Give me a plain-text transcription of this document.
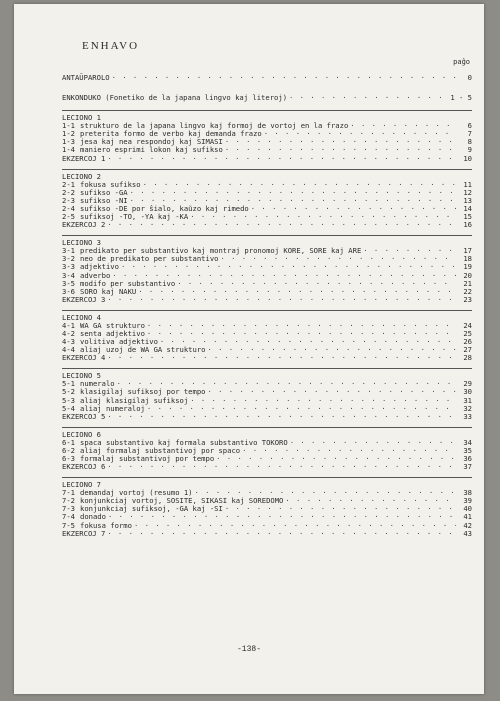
ENHAVO
paĝo
ANTAŬPAROLO · · ·	0
ENKONDUKO (Fonetiko de la japana lingvo kaj literoj) · · ·	1 - 5
LECIONO 1
1-1 strukturo de la japana lingvo kaj formoj de vortoj en la frazo · · ·	6
1-2 preterita formo de verbo kaj demanda frazo · · ·	7
1-3 jesa kaj nea respondoj kaj SIMASI · · ·	8
1-4 maniero esprimi lokon kaj sufikso · · ·	9
EKZERCOJ 1 · · ·	10
LECIONO 2
2-1 fokusa sufikso · · ·	11
2-2 sufikso -GA · · ·	12
2-3 sufikso -NI · · ·	13
2-4 sufikso -DE por ŝialo, kaŭzo kaj rimedo · · ·	14
2-5 sufiksoj -TO, -YA kaj -KA · · ·	15
EKZERCOJ 2 · · ·	16
LECIONO 3
3-1 predikato per substantivo kaj montraj pronomoj KORE, SORE kaj ARE · · ·	17
3-2 neo de predikato per substantivo · · ·	18
3-3 adjektivo · · ·	19
3-4 adverbo · · ·	20
3-5 modifo per substantivo · · ·	21
3-6 SORO kaj NAKU · · ·	22
EKZERCOJ 3 · · ·	23
LECIONO 4
4-1 WA GA strukturo · · ·	24
4-2 senta adjektivo · · ·	25
4-3 volitiva adjektivo · · ·	26
4-4 aliaj uzoj de WA GA strukturo · · ·	27
EKZERCOJ 4 · · ·	28
LECIONO 5
5-1 numeralo · · ·	29
5-2 klasigilaj sufiksoj por tempo · · ·	30
5-3 aliaj klasigilaj sufiksoj · · ·	31
5-4 aliaj numeraloj · · ·	32
EKZERCOJ 5 · · ·	33
LECIONO 6
6-1 spaca substantivo kaj formala substantivo TOKORO · · ·	34
6-2 aliaj formalaj substantivoj por spaco · · ·	35
6-3 formalaj substantivoj por tempo · · ·	36
EKZERCOJ 6 · · ·	37
LECIONO 7
7-1 demandaj vortoj (resumo 1) · · ·	38
7-2 konjunkciaj vortoj, SOSITE, SIKASI kaj SOREDOMO · · ·	39
7-3 konjunkciaj sufiksoj, -GA kaj -SI · · ·	40
7-4 donado · · ·	41
7-5 fokusa formo · · ·	42
EKZERCOJ 7 · · ·	43
-138-
